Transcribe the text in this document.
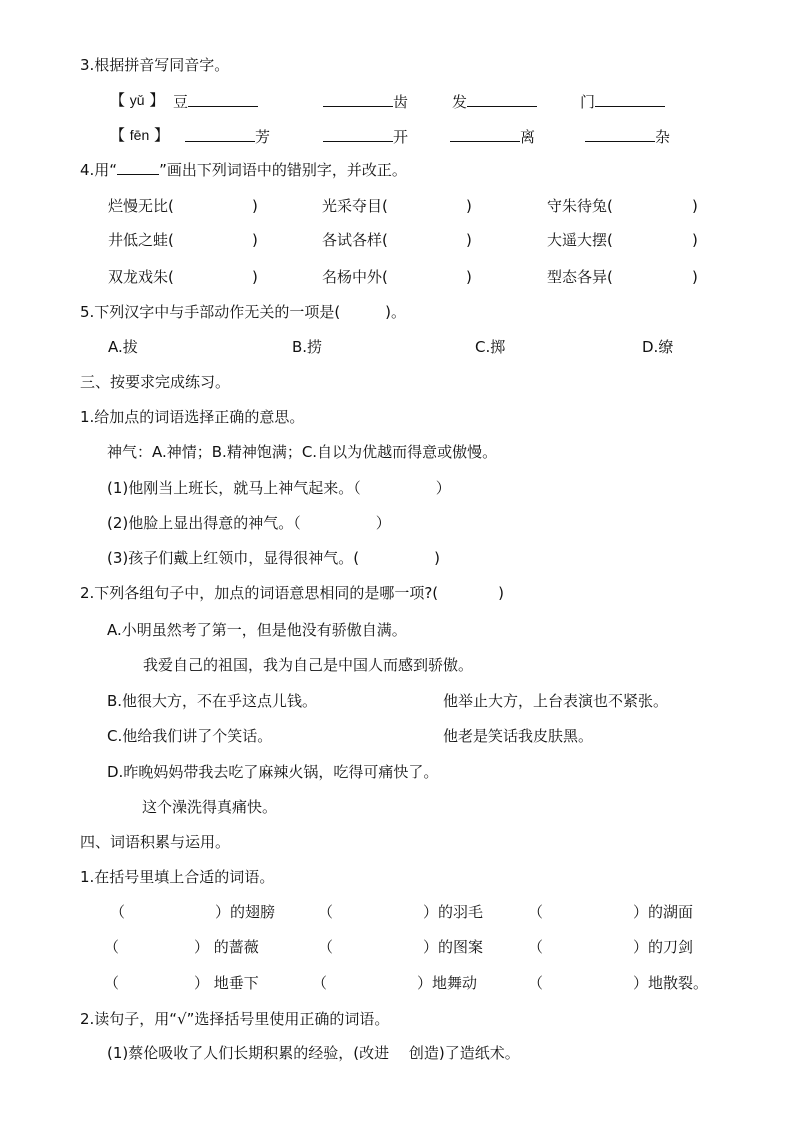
3.根据拼音写同音字。
【 yǔ 】 豆	齿	发	门
【 fēn 】	芳	开	离	杂
4.用“	”画出下列词语中的错别字，并改正。
烂慢无比(	)	光采夺目(	)	守朱待兔(	)
井低之蛙(	)	各试各样(	)	大遥大摆(	)
双龙戏朱(	)	名杨中外(	)	型态各异(	)
5.下列汉字中与手部动作无关的一项是(　　　)。
A.拔	B.捞	C.掷	D.缭
三、按要求完成练习。
1.给加点的词语选择正确的意思。
神气：A.神情；B.精神饱满；C.自以为优越而得意或傲慢。
(1)他刚当上班长，就马上神气起来。（　　　　　）
(2)他脸上显出得意的神气。（　　　　　）
(3)孩子们戴上红领巾，显得很神气。(　　　　　)
2.下列各组句子中，加点的词语意思相同的是哪一项?(　　　　)
A.小明虽然考了第一，但是他没有骄傲自满。
我爱自己的祖国，我为自己是中国人而感到骄傲。
B.他很大方，不在乎这点儿钱。	他举止大方，上台表演也不紧张。
C.他给我们讲了个笑话。	他老是笑话我皮肤黑。
D.昨晚妈妈带我去吃了麻辣火锅，吃得可痛快了。
这个澡洗得真痛快。
四、词语积累与运用。
1.在括号里填上合适的词语。
（　　　　　　）的翅膀	（　　　　　　）的羽毛	（　　　　　　）的湖面
（　　　　　） 的蔷薇	（　　　　　　）的图案	（　　　　　　）的刀剑
（　　　　　） 地垂下	（　　　　　　）地舞动	（　　　　　　）地散裂。
2.读句子，用“√”选择括号里使用正确的词语。
(1)蔡伦吸收了人们长期积累的经验，(改进　 创造)了造纸术。
